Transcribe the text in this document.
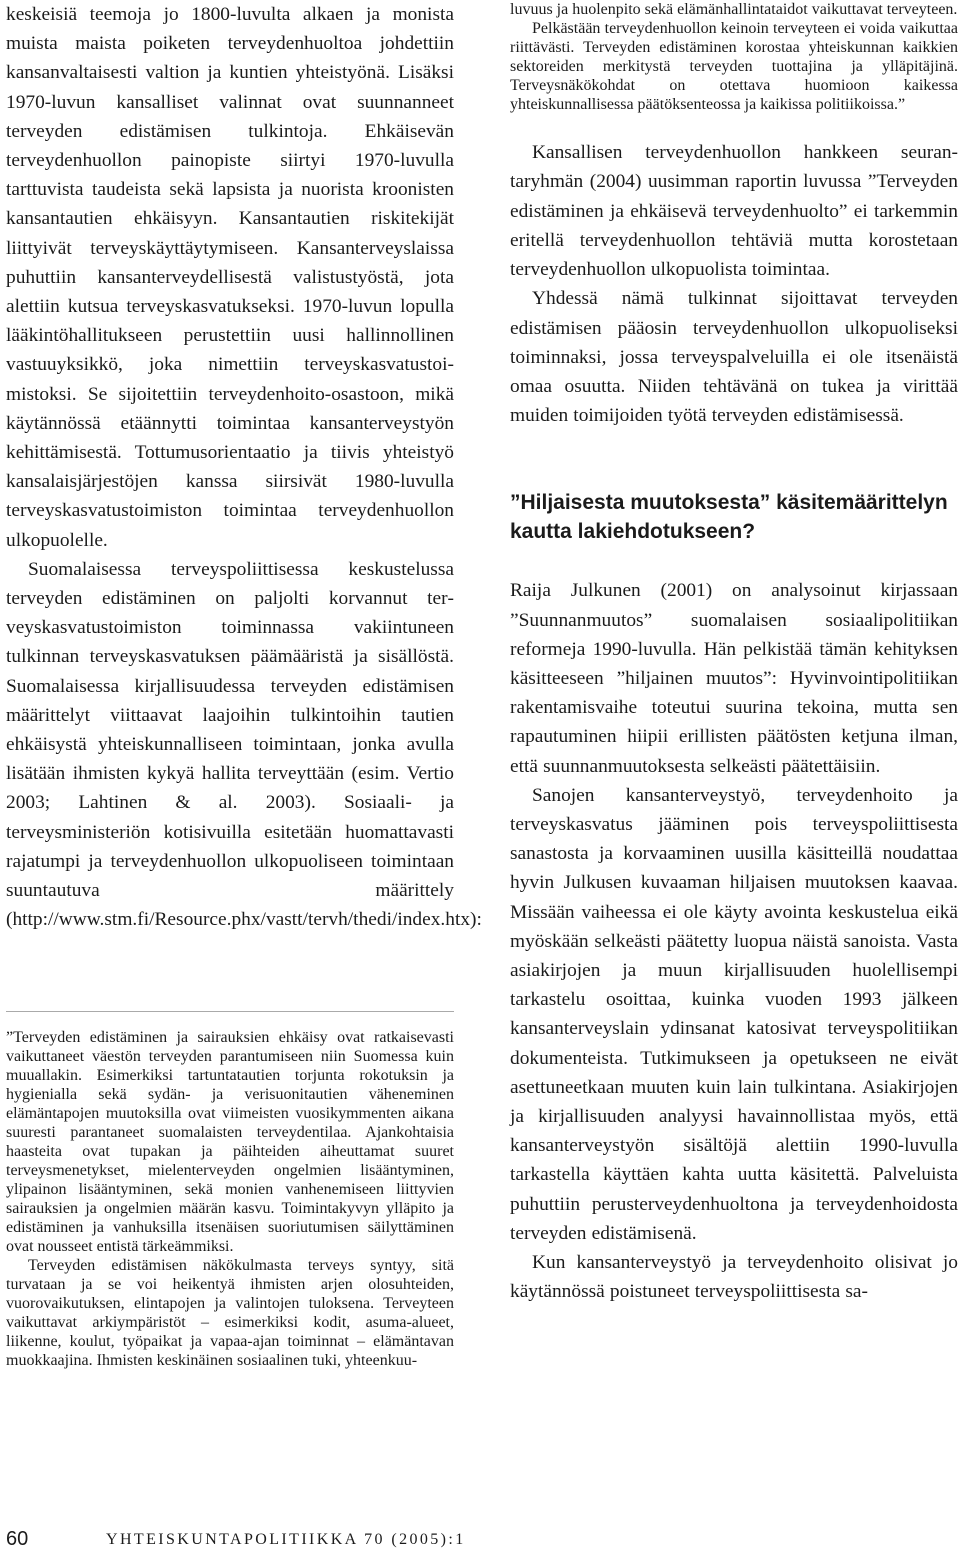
keskeisiä teemoja jo 1800-luvulta alkaen ja monista muista maista poiketen terveydenhuoltoa johdettiin kansanvaltaisesti valtion ja kuntien yhteistyönä. Lisäksi 1970-luvun kansalliset valinnat ovat suunnanneet terveyden edistämisen tulkintoja. Ehkäisevän terveydenhuollon painopiste siirtyi 1970-luvulla tarttuvista taudeista sekä lapsista ja nuorista kroonisten kansantautien ehkäisyyn. Kansantautien riskitekijät liittyivät terveyskäyttäytymiseen. Kansanterveyslaissa puhuttiin kansanterveydellisestä valistustyöstä, jota alettiin kutsua terveyskasvatukseksi. 1970-luvun lopulla lääkintöhallitukseen perustettiin uusi hallinnollinen vastuuyksikkö, joka nimettiin terveyskasvatustoimistoksi. Se sijoitettiin terveydenhoito-osastoon, mikä käytännössä etäännytti toimintaa kansanterveystyön kehittämisestä. Tottumusorientaatio ja tiivis yhteistyö kansalaisjärjestöjen kanssa siirsivät 1980-luvulla terveyskasvatustoimiston toimintaa terveydenhuollon ulkopuolelle.

Suomalaisessa terveyspoliittisessa keskustelussa terveyden edistäminen on paljolti korvannut terveyskasvatustoimiston toiminnassa vakiintuneen tulkinnan terveyskasvatuksen päämääristä ja sisällöstä. Suomalaisessa kirjallisuudessa terveyden edistämisen määrittelyt viittaavat laajoihin tulkintoihin tautien ehkäisystä yhteiskunnalliseen toimintaan, jonka avulla lisätään ihmisten kykyä hallita terveyttään (esim. Vertio 2003; Lahtinen & al. 2003). Sosiaali- ja terveysministeriön kotisivuilla esitetään huomattavasti rajatumpi ja terveydenhuollon ulkopuoliseen toimintaan suuntautuva määrittely (http://www.stm.fi/Resource.phx/vastt/tervh/thedi/index.htx):

”Terveyden edistäminen ja sairauksien ehkäisy ovat ratkaisevasti vaikuttaneet väestön terveyden parantumiseen niin Suomessa kuin muuallakin. Esimerkiksi tartuntatautien torjunta rokotuksin ja hygienialla sekä sydän- ja verisuonitautien väheneminen elämäntapojen muutoksilla ovat viimeisten vuosikymmenten aikana suuresti parantaneet suomalaisten terveydentilaa. Ajankohtaisia haasteita ovat tupakan ja päihteiden aiheuttamat suuret terveysmenetykset, mielenterveyden ongelmien lisääntyminen, ylipainon lisääntyminen, sekä monien vanhenemiseen liittyvien sairauksien ja ongelmien määrän kasvu. Toimintakyvyn ylläpito ja edistäminen ja vanhuksilla itsenäisen suoriutumisen säilyttäminen ovat nousseet entistä tärkeämmiksi.

Terveyden edistämisen näkökulmasta terveys syntyy, sitä turvataan ja se voi heikentyä ihmisten arjen olosuhteiden, vuorovaikutuksen, elintapojen ja valintojen tuloksena. Terveyteen vaikuttavat arkiympäristöt – esimerkiksi kodit, asuma-alueet, liikenne, koulut, työpaikat ja vapaa-ajan toiminnat – elämäntavan muokkaajina. Ihmisten keskinäinen sosiaalinen tuki, yhteenkuu-

luvuus ja huolenpito sekä elämänhallintataidot vaikuttavat terveyteen.

Pelkästään terveydenhuollon keinoin terveyteen ei voida vaikuttaa riittävästi. Terveyden edistäminen korostaa yhteiskunnan kaikkien sektoreiden merkitystä terveyden tuottajina ja ylläpitäjinä. Terveysnäkökohdat on otettava huomioon kaikessa yhteiskunnallisessa päätöksenteossa ja kaikissa politiikoissa.”

Kansallisen terveydenhuollon hankkeen seurantaryhmän (2004) uusimman raportin luvussa ”Terveyden edistäminen ja ehkäisevä terveydenhuolto” ei tarkemmin eritellä terveydenhuollon tehtäviä mutta korostetaan terveydenhuollon ulkopuolista toimintaa.

Yhdessä nämä tulkinnat sijoittavat terveyden edistämisen pääosin terveydenhuollon ulkopuoliseksi toiminnaksi, jossa terveyspalveluilla ei ole itsenäistä omaa osuutta. Niiden tehtävänä on tukea ja virittää muiden toimijoiden työtä terveyden edistämisessä.

”Hiljaisesta muutoksesta” käsitemäärittelyn kautta lakiehdotukseen?

Raija Julkunen (2001) on analysoinut kirjassaan ”Suunnanmuutos” suomalaisen sosiaalipolitiikan reformeja 1990-luvulla. Hän pelkistää tämän kehityksen käsitteeseen ”hiljainen muutos”: Hyvinvointipolitiikan rakentamisvaihe toteutui suurina tekoina, mutta sen rapautuminen hiipii erillisten päätösten ketjuna ilman, että suunnanmuutoksesta selkeästi päätettäisiin.

Sanojen kansanterveystyö, terveydenhoito ja terveyskasvatus jääminen pois terveyspoliittisesta sanastosta ja korvaaminen uusilla käsitteillä noudattaa hyvin Julkusen kuvaaman hiljaisen muutoksen kaavaa. Missään vaiheessa ei ole käyty avointa keskustelua eikä myöskään selkeästi päätetty luopua näistä sanoista. Vasta asiakirjojen ja muun kirjallisuuden huolellisempi tarkastelu osoittaa, kuinka vuoden 1993 jälkeen kansanterveyslain ydinsanat katosivat terveyspolitiikan dokumenteista. Tutkimukseen ja opetukseen ne eivät asettuneetkaan muuten kuin lain tulkintana. Asiakirjojen ja kirjallisuuden analyysi havainnollistaa myös, että kansanterveystyön sisältöjä alettiin 1990-luvulla tarkastella käyttäen kahta uutta käsitettä. Palveluista puhuttiin perusterveydenhuoltona ja terveydenhoidosta terveyden edistämisenä.

Kun kansanterveystyö ja terveydenhoito olisivat jo käytännössä poistuneet terveyspoliittisesta sa-

60	YHTEISKUNTAPOLITIIKKA 70 (2005):1
